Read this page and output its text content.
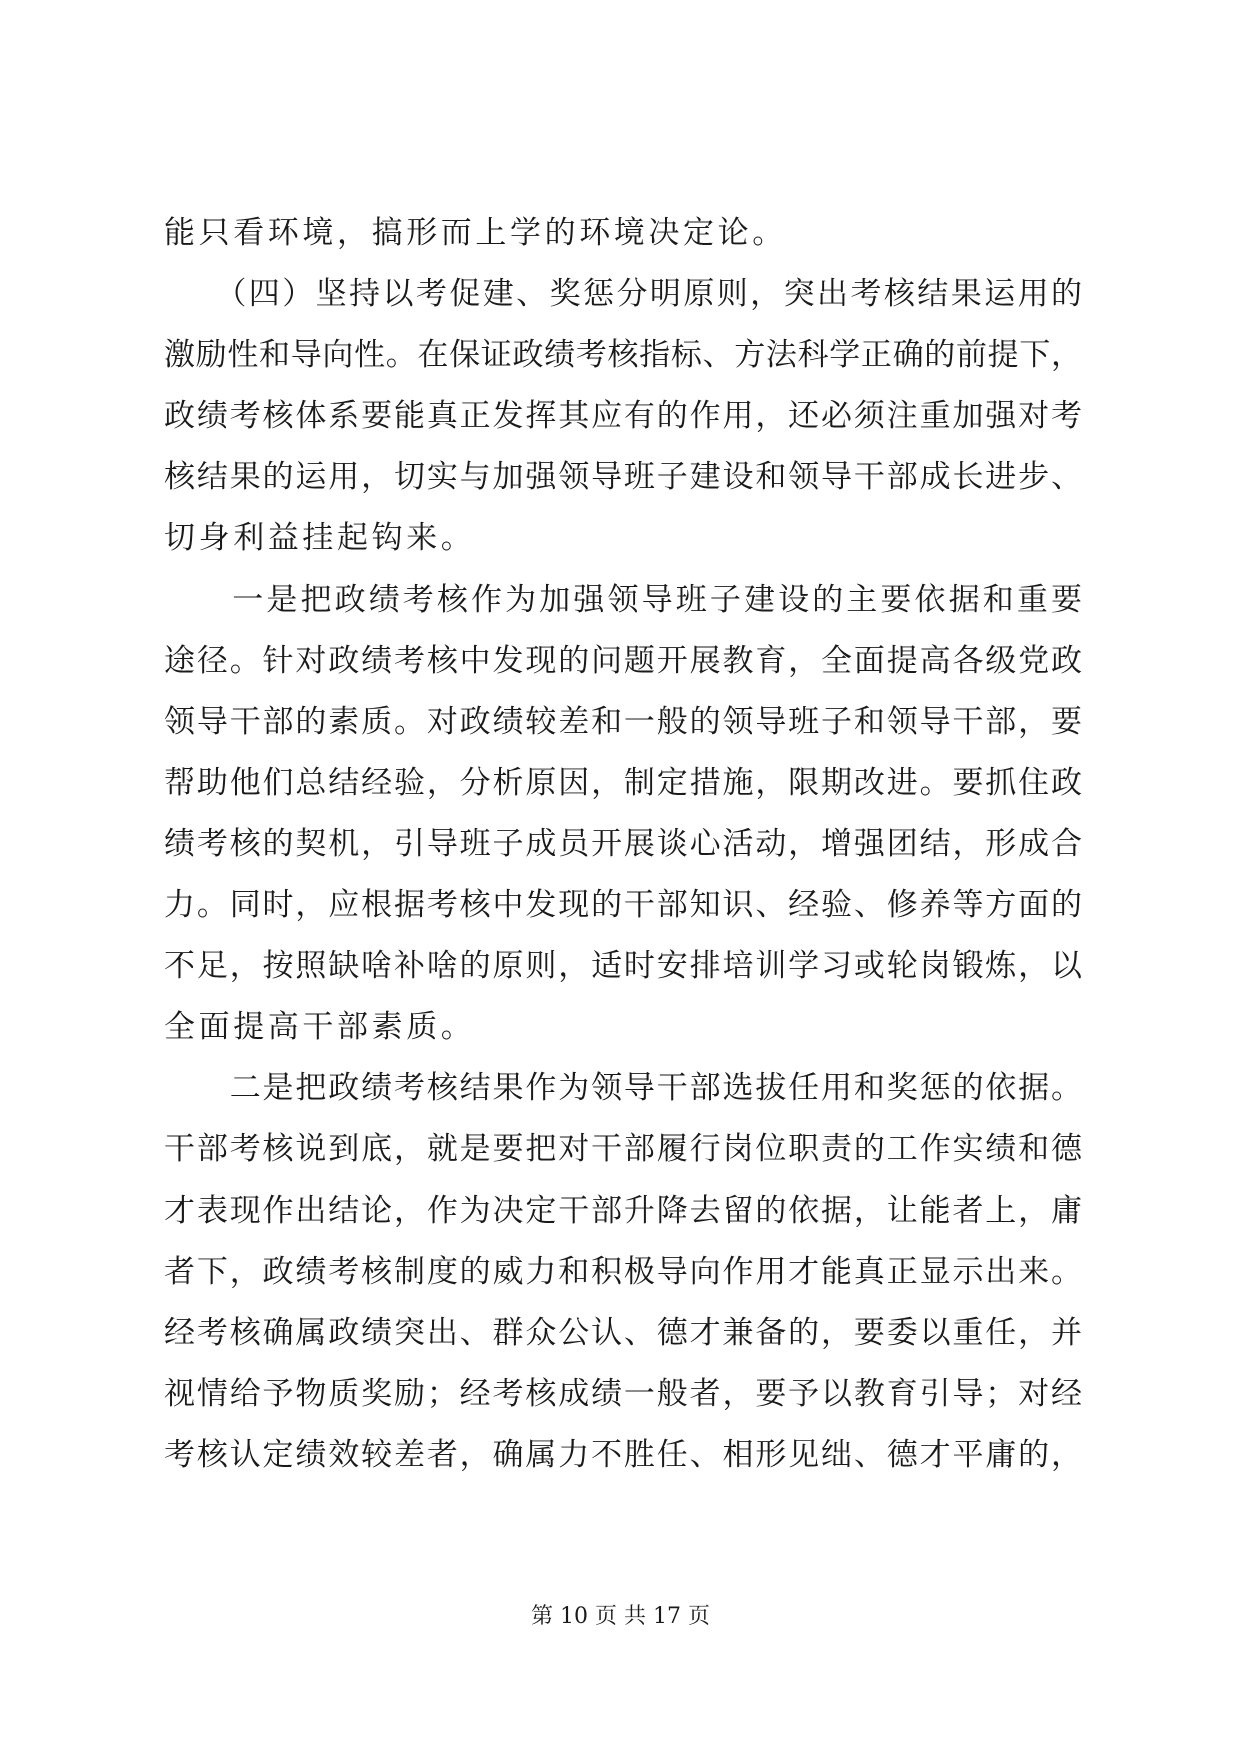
能只看环境，搞形而上学的环境决定论。
　　（四）坚持以考促建、奖惩分明原则，突出考核结果运用的
激励性和导向性。在保证政绩考核指标、方法科学正确的前提下，
政绩考核体系要能真正发挥其应有的作用，还必须注重加强对考
核结果的运用，切实与加强领导班子建设和领导干部成长进步、
切身利益挂起钩来。
　　一是把政绩考核作为加强领导班子建设的主要依据和重要
途径。针对政绩考核中发现的问题开展教育，全面提高各级党政
领导干部的素质。对政绩较差和一般的领导班子和领导干部，要
帮助他们总结经验，分析原因，制定措施，限期改进。要抓住政
绩考核的契机，引导班子成员开展谈心活动，增强团结，形成合
力。同时，应根据考核中发现的干部知识、经验、修养等方面的
不足，按照缺啥补啥的原则，适时安排培训学习或轮岗锻炼，以
全面提高干部素质。
　　二是把政绩考核结果作为领导干部选拔任用和奖惩的依据。
干部考核说到底，就是要把对干部履行岗位职责的工作实绩和德
才表现作出结论，作为决定干部升降去留的依据，让能者上，庸
者下，政绩考核制度的威力和积极导向作用才能真正显示出来。
经考核确属政绩突出、群众公认、德才兼备的，要委以重任，并
视情给予物质奖励；经考核成绩一般者，要予以教育引导；对经
考核认定绩效较差者，确属力不胜任、相形见绌、德才平庸的，
第 10 页 共 17 页
